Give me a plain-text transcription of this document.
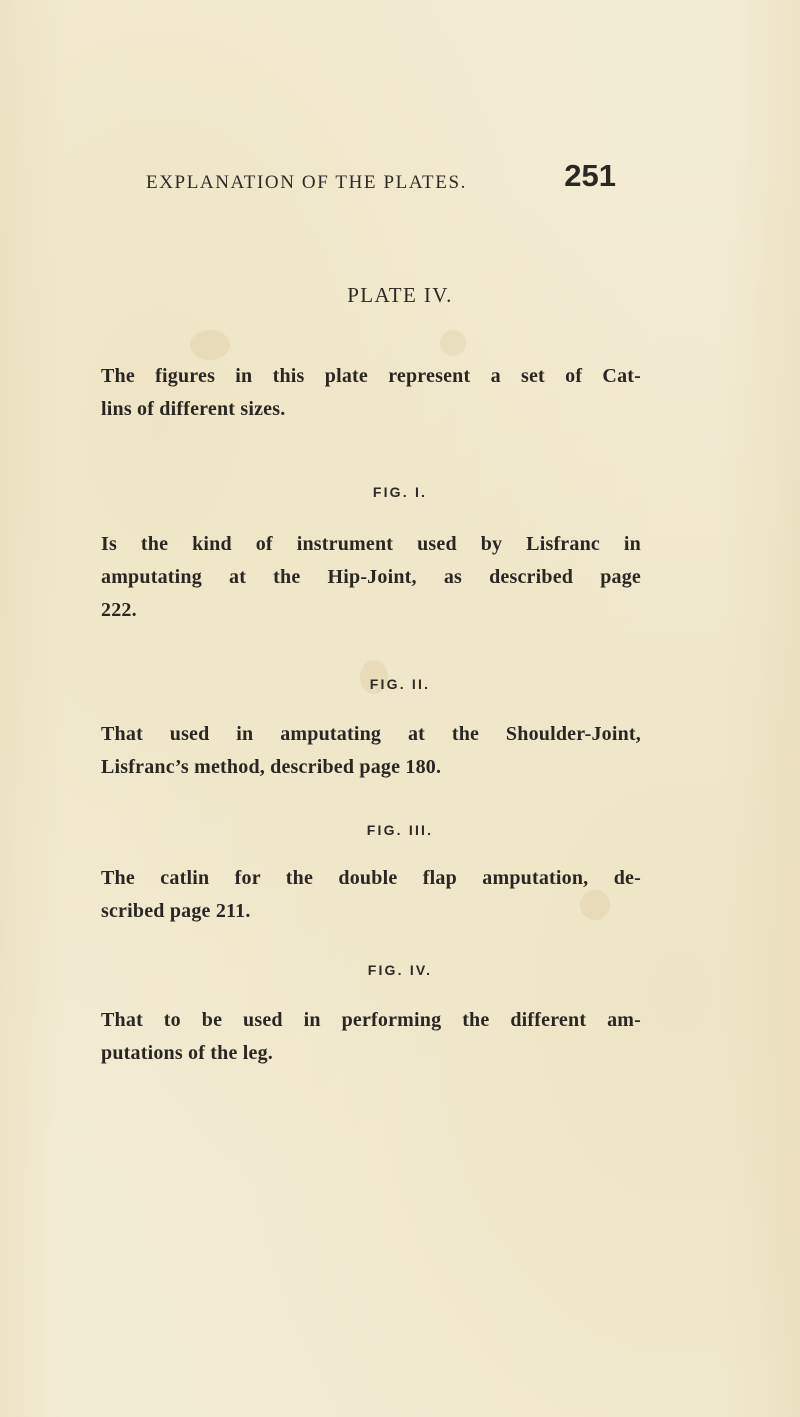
EXPLANATION OF THE PLATES.	251
PLATE IV.
The figures in this plate represent a set of Cat-
lins of different sizes.
FIG. I.
Is the kind of instrument used by Lisfranc in
amputating at the Hip-Joint, as described page
222.
FIG. II.
That used in amputating at the Shoulder-Joint,
Lisfranc’s method, described page 180.
FIG. III.
The catlin for the double flap amputation, de-
scribed page 211.
FIG. IV.
That to be used in performing the different am-
putations of the leg.
